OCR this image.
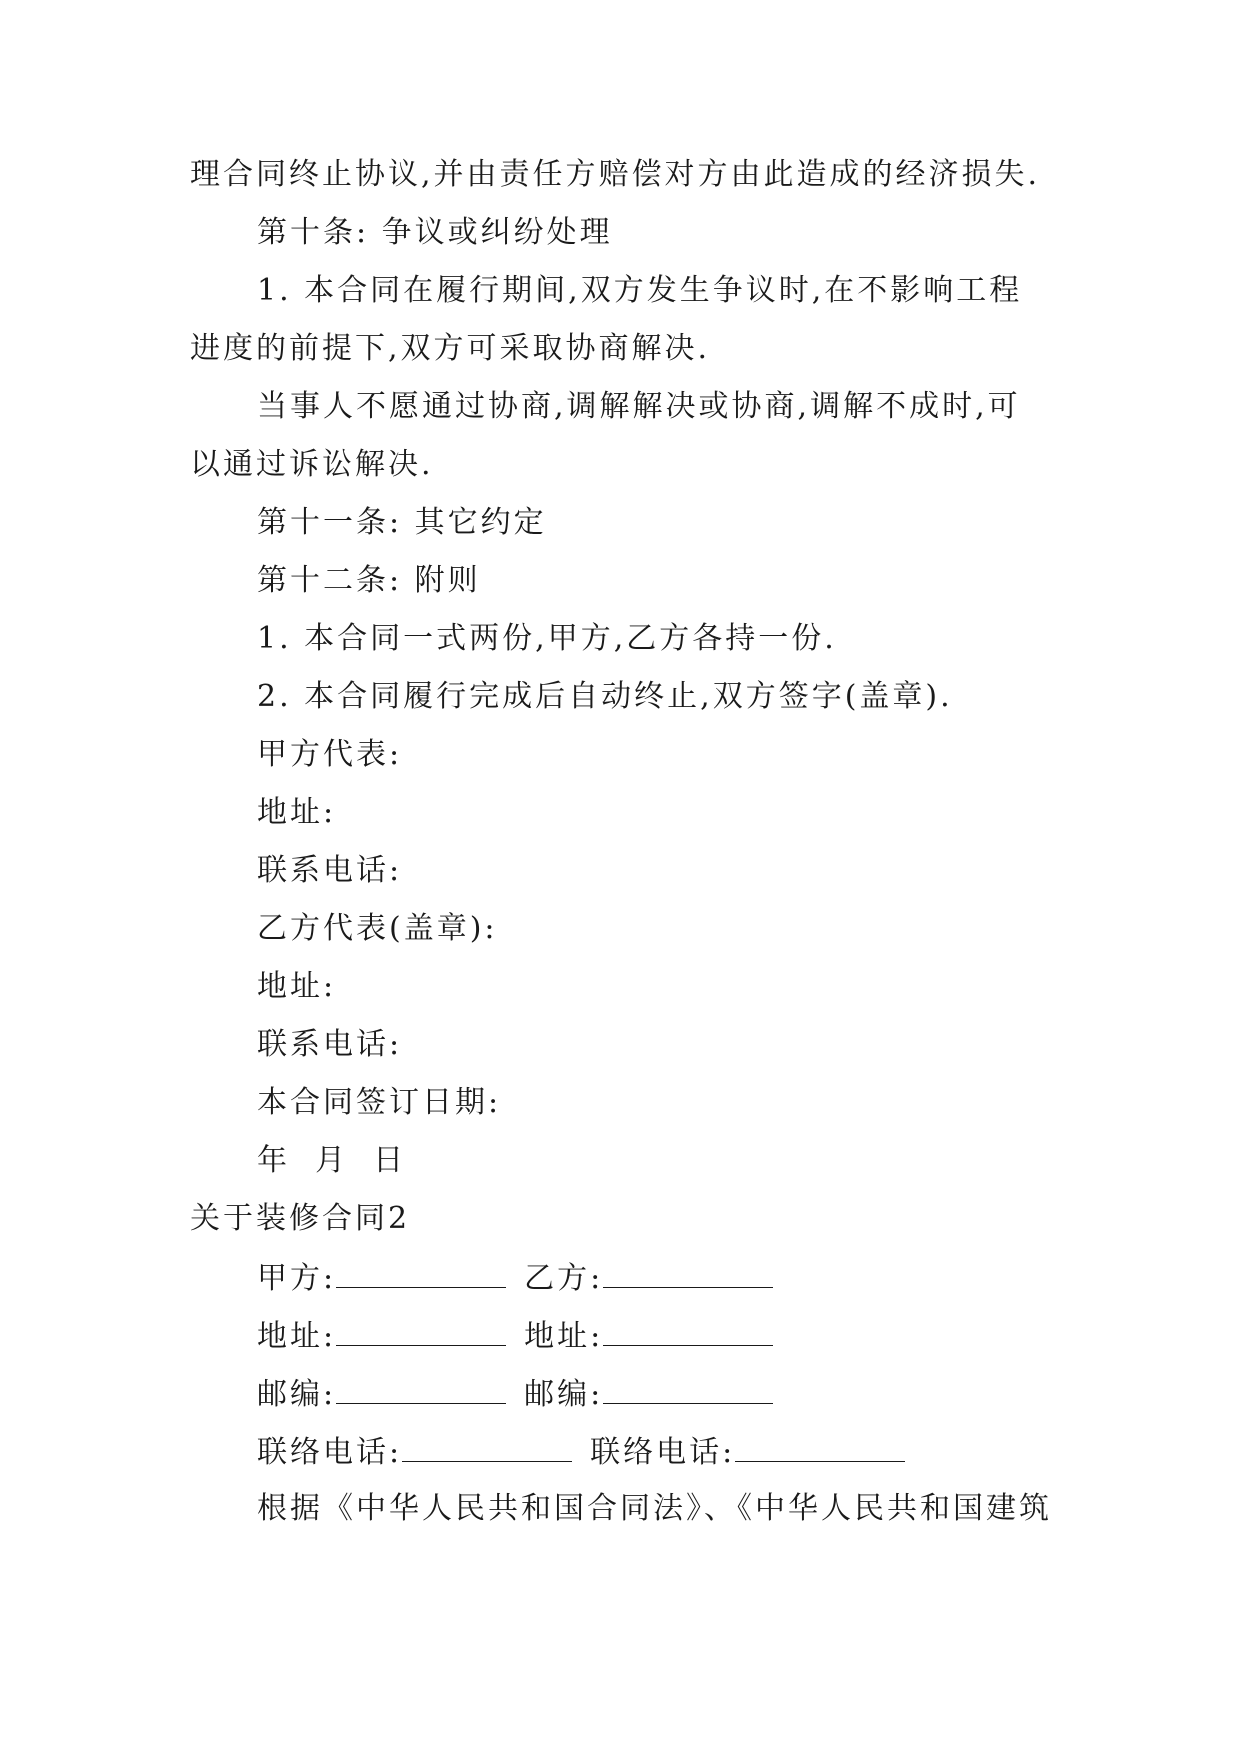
理合同终止协议,并由责任方赔偿对方由此造成的经济损失.
第十条: 争议或纠纷处理
1. 本合同在履行期间,双方发生争议时,在不影响工程
进度的前提下,双方可采取协商解决.
当事人不愿通过协商,调解解决或协商,调解不成时,可
以通过诉讼解决.
第十一条: 其它约定
第十二条: 附则
1. 本合同一式两份,甲方,乙方各持一份.
2. 本合同履行完成后自动终止,双方签字(盖章).
甲方代表:
地址:
联系电话:
乙方代表(盖章):
地址:
联系电话:
本合同签订日期:
年  月  日
关于装修合同2
甲方:	乙方:
地址:	地址:
邮编:	邮编:
联络电话:	联络电话:
根据《中华人民共和国合同法》、《中华人民共和国建筑
